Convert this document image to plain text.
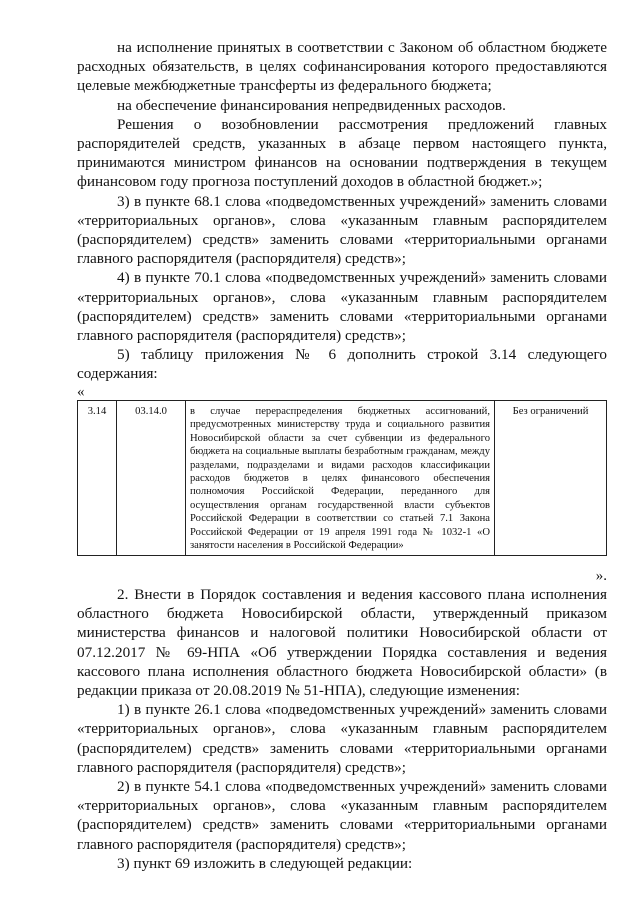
на исполнение принятых в соответствии с Законом об областном бюджете расходных обязательств, в целях софинансирования которого предоставляются целевые межбюджетные трансферты из федерального бюджета;

на обеспечение финансирования непредвиденных расходов.

Решения о возобновлении рассмотрения предложений главных распорядителей средств, указанных в абзаце первом настоящего пункта, принимаются министром финансов на основании подтверждения в текущем финансовом году прогноза поступлений доходов в областной бюджет.»;

3) в пункте 68.1 слова «подведомственных учреждений» заменить словами «территориальных органов», слова «указанным главным распорядителем (распорядителем) средств» заменить словами «территориальными органами главного распорядителя (распорядителя) средств»;

4) в пункте 70.1 слова «подведомственных учреждений» заменить словами «территориальных органов», слова «указанным главным распорядителем (распорядителем) средств» заменить словами «территориальными органами главного распорядителя (распорядителя) средств»;

5) таблицу приложения № 6 дополнить строкой 3.14 следующего содержания:

«
3.14	03.14.0	в случае перераспределения бюджетных ассигнований, предусмотренных министерству труда и социального развития Новосибирской области за счет субвенции из федерального бюджета на социальные выплаты безработным гражданам, между разделами, подразделами и видами расходов классификации расходов бюджетов в целях финансового обеспечения полномочия Российской Федерации, переданного для осуществления органам государственной власти субъектов Российской Федерации в соответствии со статьей 7.1 Закона Российской Федерации от 19 апреля 1991 года № 1032-1 «О занятости населения в Российской Федерации»	Без ограничений
».

2. Внести в Порядок составления и ведения кассового плана исполнения областного бюджета Новосибирской области, утвержденный приказом министерства финансов и налоговой политики Новосибирской области от 07.12.2017 № 69-НПА «Об утверждении Порядка составления и ведения кассового плана исполнения областного бюджета Новосибирской области» (в редакции приказа от 20.08.2019 № 51-НПА), следующие изменения:

1) в пункте 26.1 слова «подведомственных учреждений» заменить словами «территориальных органов», слова «указанным главным распорядителем (распорядителем) средств» заменить словами «территориальными органами главного распорядителя (распорядителя) средств»;

2) в пункте 54.1 слова «подведомственных учреждений» заменить словами «территориальных органов», слова «указанным главным распорядителем (распорядителем) средств» заменить словами «территориальными органами главного распорядителя (распорядителя) средств»;

3) пункт 69 изложить в следующей редакции:
